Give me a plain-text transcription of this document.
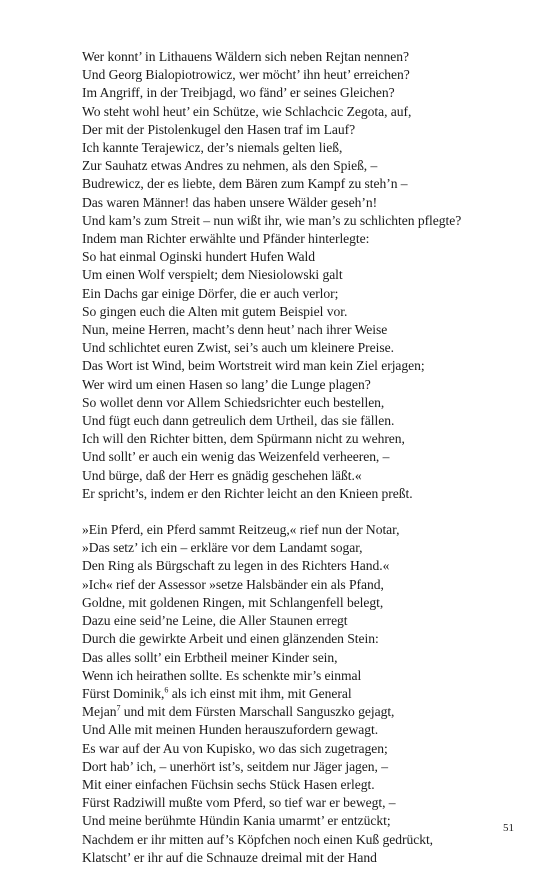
Wer konnt’ in Lithauens Wäldern sich neben Rejtan nennen?
Und Georg Bialopiotrowicz, wer möcht’ ihn heut’ erreichen?
Im Angriff, in der Treibjagd, wo fänd’ er seines Gleichen?
Wo steht wohl heut’ ein Schütze, wie Schlachcic Zegota, auf,
Der mit der Pistolenkugel den Hasen traf im Lauf?
Ich kannte Terajewicz, der’s niemals gelten ließ,
Zur Sauhatz etwas Andres zu nehmen, als den Spieß, –
Budrewicz, der es liebte, dem Bären zum Kampf zu steh’n –
Das waren Männer! das haben unsere Wälder geseh’n!
Und kam’s zum Streit – nun wißt ihr, wie man’s zu schlichten pflegte?
Indem man Richter erwählte und Pfänder hinterlegte:
So hat einmal Oginski hundert Hufen Wald
Um einen Wolf verspielt; dem Niesiolowski galt
Ein Dachs gar einige Dörfer, die er auch verlor;
So gingen euch die Alten mit gutem Beispiel vor.
Nun, meine Herren, macht’s denn heut’ nach ihrer Weise
Und schlichtet euren Zwist, sei’s auch um kleinere Preise.
Das Wort ist Wind, beim Wortstreit wird man kein Ziel erjagen;
Wer wird um einen Hasen so lang’ die Lunge plagen?
So wollet denn vor Allem Schiedsrichter euch bestellen,
Und fügt euch dann getreulich dem Urtheil, das sie fällen.
Ich will den Richter bitten, dem Spürmann nicht zu wehren,
Und sollt’ er auch ein wenig das Weizenfeld verheeren, –
Und bürge, daß der Herr es gnädig geschehen läßt.«
Er spricht’s, indem er den Richter leicht an den Knieen preßt.
»Ein Pferd, ein Pferd sammt Reitzeug,« rief nun der Notar,
»Das setz’ ich ein – erkläre vor dem Landamt sogar,
Den Ring als Bürgschaft zu legen in des Richters Hand.«
»Ich« rief der Assessor »setze Halsbänder ein als Pfand,
Goldne, mit goldenen Ringen, mit Schlangenfell belegt,
Dazu eine seid’ne Leine, die Aller Staunen erregt
Durch die gewirkte Arbeit und einen glänzenden Stein:
Das alles sollt’ ein Erbtheil meiner Kinder sein,
Wenn ich heirathen sollte. Es schenkte mir’s einmal
Fürst Dominik,$^6$ als ich einst mit ihm, mit General
Mejan$^7$ und mit dem Fürsten Marschall Sanguszko gejagt,
Und Alle mit meinen Hunden herauszufordern gewagt.
Es war auf der Au von Kupisko, wo das sich zugetragen;
Dort hab’ ich, – unerhört ist’s, seitdem nur Jäger jagen, –
Mit einer einfachen Füchsin sechs Stück Hasen erlegt.
Fürst Radziwill mußte vom Pferd, so tief war er bewegt, –
Und meine berühmte Hündin Kania umarmt’ er entzückt;
Nachdem er ihr mitten auf’s Köpfchen noch einen Kuß gedrückt,
Klatscht’ er ihr auf die Schnauze dreimal mit der Hand
51
